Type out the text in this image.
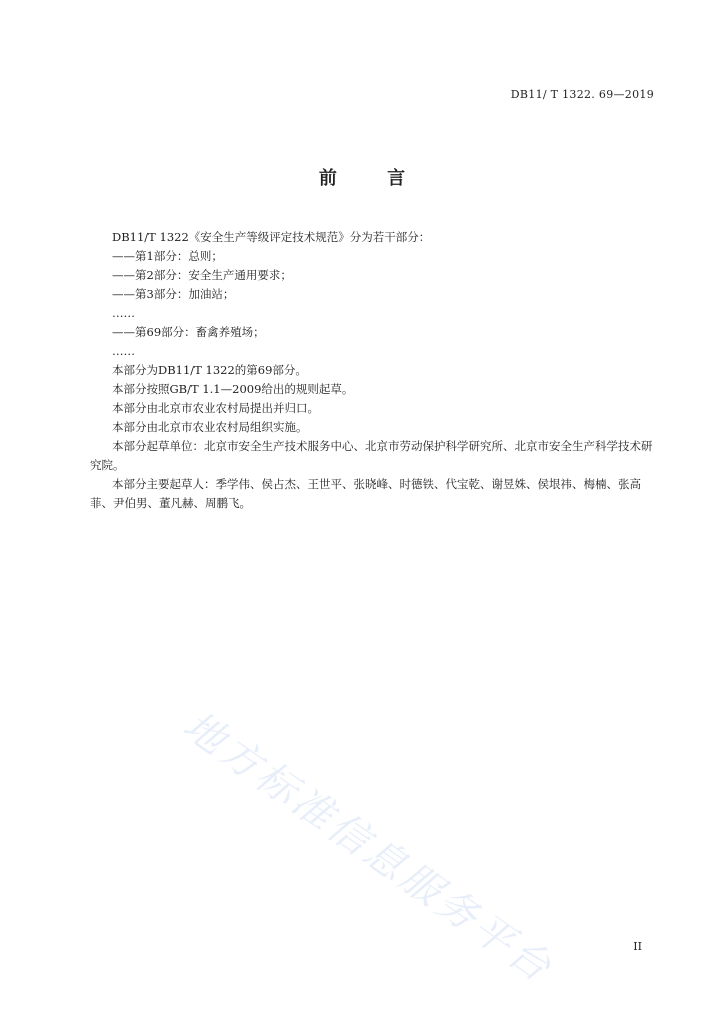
DB11/ T 1322. 69—2019
前 言

DB11/T 1322《安全生产等级评定技术规范》分为若干部分：

——第1部分：总则；

——第2部分：安全生产通用要求；

——第3部分：加油站；

……

——第69部分：畜禽养殖场；

……

本部分为DB11/T 1322的第69部分。

本部分按照GB/T 1.1—2009给出的规则起草。

本部分由北京市农业农村局提出并归口。

本部分由北京市农业农村局组织实施。

本部分起草单位：北京市安全生产技术服务中心、北京市劳动保护科学研究所、北京市安全生产科学技术研究院。

本部分主要起草人：季学伟、侯占杰、王世平、张晓峰、时德铁、代宝乾、谢昱姝、侯垠祎、梅楠、张高菲、尹伯男、董凡赫、周鹏飞。

地方标准信息服务平台	II
